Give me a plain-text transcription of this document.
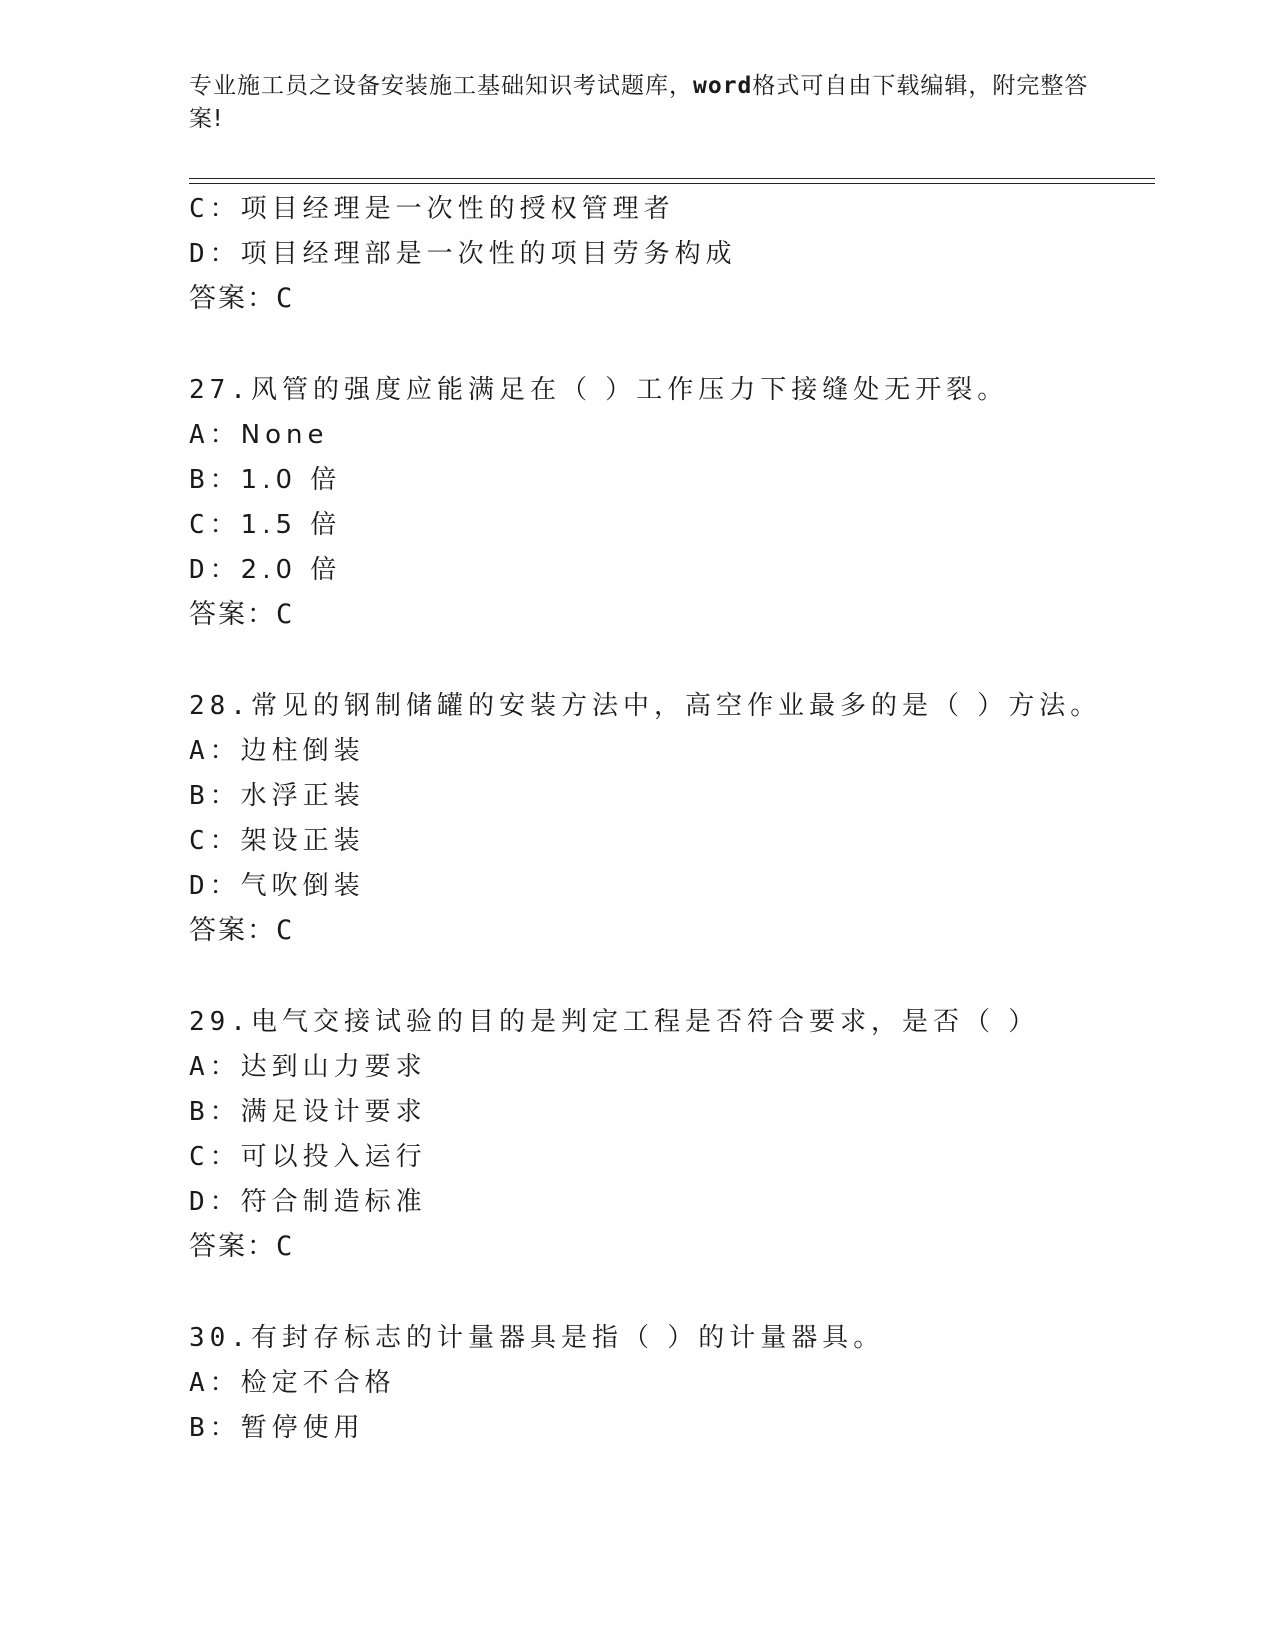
专业施工员之设备安装施工基础知识考试题库，word格式可自由下载编辑，附完整答案!
C：项目经理是一次性的授权管理者
D：项目经理部是一次性的项目劳务构成
答案：C
27.风管的强度应能满足在（ ）工作压力下接缝处无开裂。
A：None
B：1.0 倍
C：1.5 倍
D：2.0 倍
答案：C
28.常见的钢制储罐的安装方法中，高空作业最多的是（ ）方法。
A：边柱倒装
B：水浮正装
C：架设正装
D：气吹倒装
答案：C
29.电气交接试验的目的是判定工程是否符合要求，是否（ ）
A：达到山力要求
B：满足设计要求
C：可以投入运行
D：符合制造标准
答案：C
30.有封存标志的计量器具是指（ ）的计量器具。
A：检定不合格
B：暂停使用
